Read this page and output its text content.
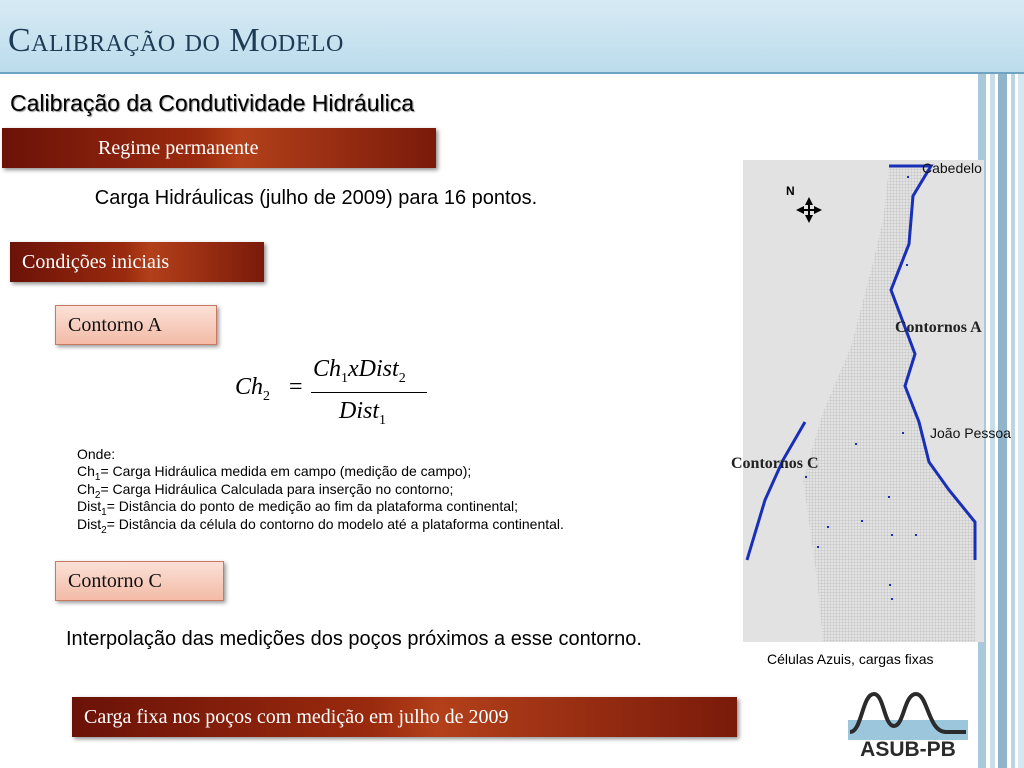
Calibração do Modelo
Calibração da Condutividade Hidráulica
Regime permanente
Carga Hidráulicas (julho de 2009) para 16 pontos.
Condições iniciais
Contorno A
$Ch_2$ =
$Ch_1xDist_2$
Dist$_1$
Onde:
$Ch_1=$ Carga Hidráulica medida em campo (medição de campo);
$Ch_2=$ Carga Hidráulica Calculada para inserção no contorno;
Dist$_1$= Distância do ponto de medição ao fim da plataforma continental;
Dist$_2$= Distância da célula do contorno do modelo até a plataforma continental.
Contorno C
Interpolação das medições dos poços próximos a esse contorno.
Carga fixa nos poços com medição em julho de 2009
N
Cabedelo
Contornos A
João Pessoa
Contornos C
Células Azuis, cargas fixas
ASUB-PB
